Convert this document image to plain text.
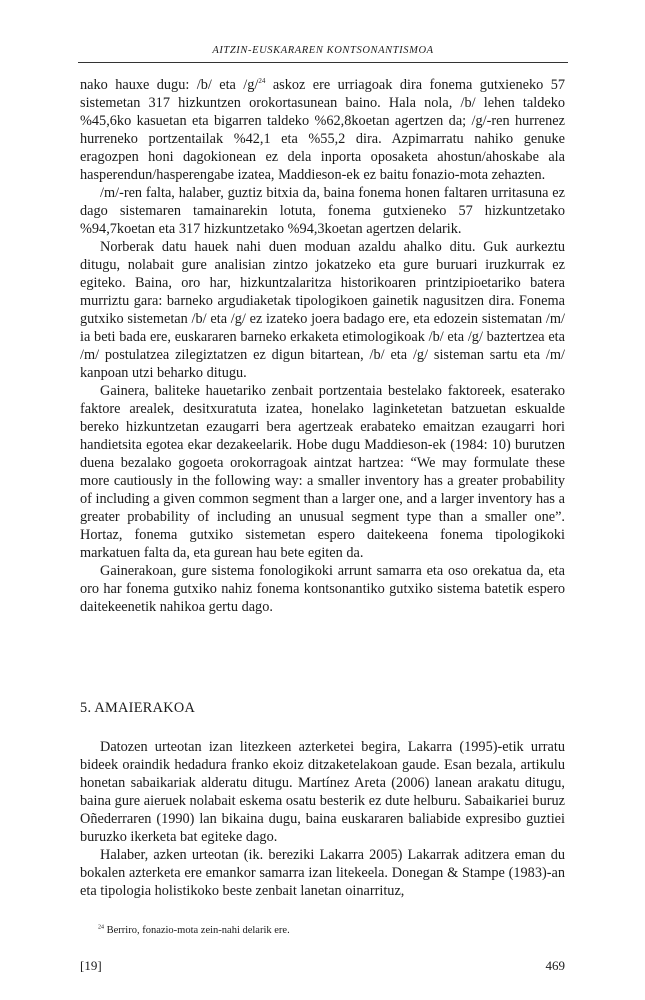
AITZIN-EUSKARAREN KONTSONANTISMOA

nako hauxe dugu: /b/ eta /g/$^{24}$ askoz ere urriagoak dira fonema gutxieneko 57 sistemetan 317 hizkuntzen orokortasunean baino. Hala nola, /b/ lehen taldeko %45,6ko kasuetan eta bigarren taldeko %62,8koetan agertzen da; /g/-ren hurrenez hurreneko portzentailak %42,1 eta %55,2 dira. Azpimarratu nahiko genuke eragozpen honi dagokionean ez dela inporta oposaketa ahostun/ahoskabe ala hasperendun/hasperengabe izatea, Maddieson-ek ez baitu fonazio-mota zehazten.

/m/-ren falta, halaber, guztiz bitxia da, baina fonema honen faltaren urritasuna ez dago sistemaren tamainarekin lotuta, fonema gutxieneko 57 hizkuntzetako %94,7koetan eta 317 hizkuntzetako %94,3koetan agertzen delarik.

Norberak datu hauek nahi duen moduan azaldu ahalko ditu. Guk aurkeztu ditugu, nolabait gure analisian zintzo jokatzeko eta gure buruari iruzkurrak ez egiteko. Baina, oro har, hizkuntzalaritza historikoaren printzipioetariko batera murriztu gara: barneko argudiaketak tipologikoen gainetik nagusitzen dira. Fonema gutxiko sistemetan /b/ eta /g/ ez izateko joera badago ere, eta edozein sistematan /m/ ia beti bada ere, euskararen barneko erkaketa etimologikoak /b/ eta /g/ baztertzea eta /m/ postulatzea zilegiztatzen ez digun bitartean, /b/ eta /g/ sisteman sartu eta /m/ kanpoan utzi beharko ditugu.

Gainera, baliteke hauetariko zenbait portzentaia bestelako faktoreek, esaterako faktore arealek, desitxuratuta izatea, honelako laginketetan batzuetan eskualde bereko hizkuntzetan ezaugarri bera agertzeak erabateko emaitzan ezaugarri hori handietsita egotea ekar dezakeelarik. Hobe dugu Maddieson-ek (1984: 10) burutzen duena bezalako gogoeta orokorragoak aintzat hartzea: “We may formulate these more cautiously in the following way: a smaller inventory has a greater probability of including a given common segment than a larger one, and a larger inventory has a greater probability of including an unusual segment type than a smaller one”. Hortaz, fonema gutxiko sistemetan espero daitekeena fonema tipologikoki markatuen falta da, eta gurean hau bete egiten da.

Gainerakoan, gure sistema fonologikoki arrunt samarra eta oso orekatua da, eta oro har fonema gutxiko nahiz fonema kontsonantiko gutxiko sistema batetik espero daitekeenetik nahikoa gertu dago.

5. AMAIERAKOA

Datozen urteotan izan litezkeen azterketei begira, Lakarra (1995)-etik urratu bideek oraindik hedadura franko ekoiz ditzaketelakoan gaude. Esan bezala, artikulu honetan sabaikariak alderatu ditugu. Martínez Areta (2006) lanean arakatu ditugu, baina gure aieruek nolabait eskema osatu besterik ez dute helburu. Sabaikariei buruz Oñederraren (1990) lan bikaina dugu, baina euskararen baliabide expresibo guztiei buruzko ikerketa bat egiteke dago.

Halaber, azken urteotan (ik. bereziki Lakarra 2005) Lakarrak aditzera eman du bokalen azterketa ere emankor samarra izan litekeela. Donegan & Stampe (1983)-an eta tipologia holistikoko beste zenbait lanetan oinarrituz,

$^{24}$ Berriro, fonazio-mota zein-nahi delarik ere.
[19]	469
